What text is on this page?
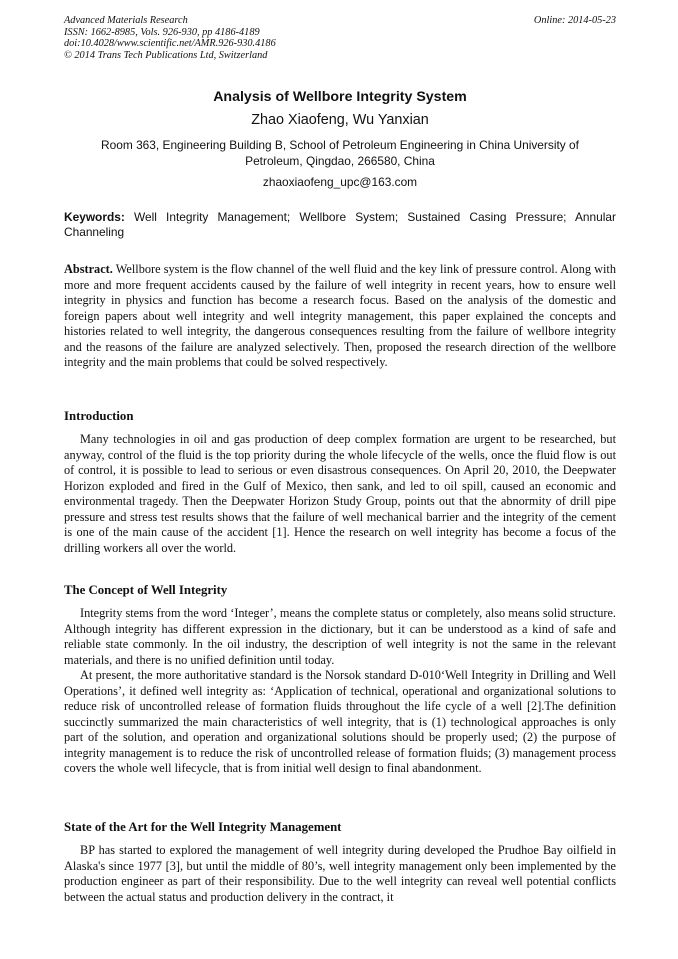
Advanced Materials Research	Online: 2014-05-23
ISSN: 1662-8985, Vols. 926-930, pp 4186-4189
doi:10.4028/www.scientific.net/AMR.926-930.4186
© 2014 Trans Tech Publications Ltd, Switzerland
Analysis of Wellbore Integrity System
Zhao Xiaofeng, Wu Yanxian
Room 363, Engineering Building B, School of Petroleum Engineering in China University of Petroleum, Qingdao, 266580, China
zhaoxiaofeng_upc@163.com
Keywords: Well Integrity Management; Wellbore System; Sustained Casing Pressure; Annular Channeling

Abstract. Wellbore system is the flow channel of the well fluid and the key link of pressure control. Along with more and more frequent accidents caused by the failure of well integrity in recent years, how to ensure well integrity in physics and function has become a research focus. Based on the analysis of the domestic and foreign papers about well integrity and well integrity management, this paper explained the concepts and histories related to well integrity, the dangerous consequences resulting from the failure of wellbore integrity and the reasons of the failure are analyzed selectively. Then, proposed the research direction of the wellbore integrity and the main problems that could be solved respectively.

Introduction

Many technologies in oil and gas production of deep complex formation are urgent to be researched, but anyway, control of the fluid is the top priority during the whole lifecycle of the wells, once the fluid flow is out of control, it is possible to lead to serious or even disastrous consequences. On April 20, 2010, the Deepwater Horizon exploded and fired in the Gulf of Mexico, then sank, and led to oil spill, caused an economic and environmental tragedy. Then the Deepwater Horizon Study Group, points out that the abnormity of drill pipe pressure and stress test results shows that the failure of well mechanical barrier and the integrity of the cement is one of the main cause of the accident [1]. Hence the research on well integrity has become a focus of the drilling workers all over the world.

The Concept of Well Integrity

Integrity stems from the word ‘Integer’, means the complete status or completely, also means solid structure. Although integrity has different expression in the dictionary, but it can be understood as a kind of safe and reliable state commonly. In the oil industry, the description of well integrity is not the same in the relevant materials, and there is no unified definition until today.

At present, the more authoritative standard is the Norsok standard D-010‘Well Integrity in Drilling and Well Operations’, it defined well integrity as: ‘Application of technical, operational and organizational solutions to reduce risk of uncontrolled release of formation fluids throughout the life cycle of a well [2].The definition succinctly summarized the main characteristics of well integrity, that is (1) technological approaches is only part of the solution, and operation and organizational solutions should be properly used; (2) the purpose of integrity management is to reduce the risk of uncontrolled release of formation fluids; (3) management process covers the whole well lifecycle, that is from initial well design to final abandonment.

State of the Art for the Well Integrity Management

BP has started to explored the management of well integrity during developed the Prudhoe Bay oilfield in Alaska's since 1977 [3], but until the middle of 80’s, well integrity management only been implemented by the production engineer as part of their responsibility. Due to the well integrity can reveal well potential conflicts between the actual status and production delivery in the contract, it
